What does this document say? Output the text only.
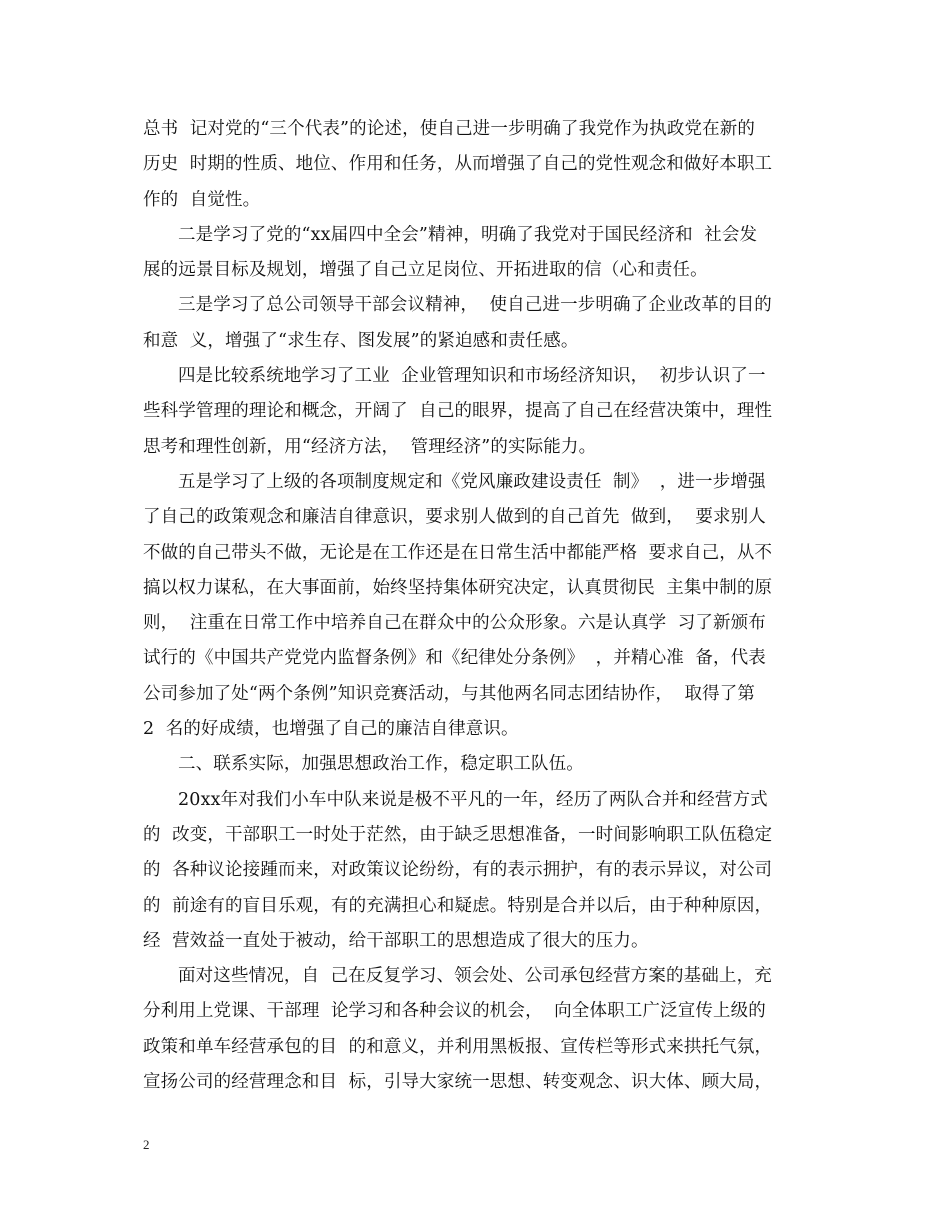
总书  记对党的“三个代表”的论述，使自己进一步明确了我党作为执政党在新的
历史  时期的性质、地位、作用和任务，从而增强了自己的党性观念和做好本职工
作的  自觉性。
二是学习了党的“xx届四中全会”精神，明确了我党对于国民经济和  社会发
展的远景目标及规划，增强了自己立足岗位、开拓进取的信（心和责任。
三是学习了总公司领导干部会议精神，  使自己进一步明确了企业改革的目的
和意  义，增强了“求生存、图发展”的紧迫感和责任感。
四是比较系统地学习了工业  企业管理知识和市场经济知识，  初步认识了一
些科学管理的理论和概念，开阔了  自己的眼界，提高了自己在经营决策中，理性
思考和理性创新，用“经济方法，  管理经济”的实际能力。
五是学习了上级的各项制度规定和《党风廉政建设责任  制》  ，进一步增强
了自己的政策观念和廉洁自律意识，要求别人做到的自己首先  做到，  要求别人
不做的自己带头不做，无论是在工作还是在日常生活中都能严格  要求自己，从不
搞以权力谋私，在大事面前，始终坚持集体研究决定，认真贯彻民  主集中制的原
则，  注重在日常工作中培养自己在群众中的公众形象。六是认真学  习了新颁布
试行的《中国共产党党内监督条例》和《纪律处分条例》  ，并精心准  备，代表
公司参加了处“两个条例”知识竞赛活动，与其他两名同志团结协作，  取得了第
2  名的好成绩，也增强了自己的廉洁自律意识。
二、联系实际，加强思想政治工作，稳定职工队伍。
20xx年对我们小车中队来说是极不平凡的一年，经历了两队合并和经营方式
的  改变，干部职工一时处于茫然，由于缺乏思想准备，一时间影响职工队伍稳定
的  各种议论接踵而来，对政策议论纷纷，有的表示拥护，有的表示异议，对公司
的  前途有的盲目乐观，有的充满担心和疑虑。特别是合并以后，由于种种原因，
经  营效益一直处于被动，给干部职工的思想造成了很大的压力。
面对这些情况，自  己在反复学习、领会处、公司承包经营方案的基础上，充
分利用上党课、干部理  论学习和各种会议的机会，  向全体职工广泛宣传上级的
政策和单车经营承包的目  的和意义，并利用黑板报、宣传栏等形式来拱托气氛，
宣扬公司的经营理念和目  标，引导大家统一思想、转变观念、识大体、顾大局，
2
